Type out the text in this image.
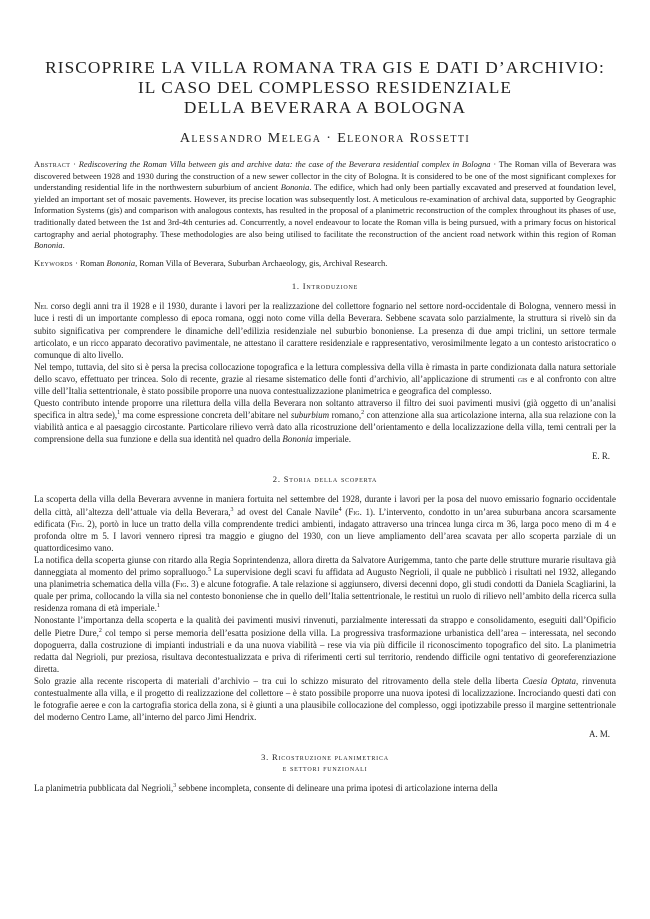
RISCOPRIRE LA VILLA ROMANA TRA GIS E DATI D’ARCHIVIO:
IL CASO DEL COMPLESSO RESIDENZIALE
DELLA BEVERARA A BOLOGNA
Alessandro Melega · Eleonora Rossetti

Abstract · Rediscovering the Roman Villa between gis and archive data: the case of the Beverara residential complex in Bologna · The Roman villa of Beverara was discovered between 1928 and 1930 during the construction of a new sewer collector in the city of Bologna. It is considered to be one of the most significant complexes for understanding residential life in the northwestern suburbium of ancient Bononia. The edifice, which had only been partially excavated and preserved at foundation level, yielded an important set of mosaic pavements. However, its precise location was subsequently lost. A meticulous re-examination of archival data, supported by Geographic Information Systems (gis) and comparison with analogous contexts, has resulted in the proposal of a planimetric reconstruction of the complex throughout its phases of use, traditionally dated between the 1st and 3rd-4th centuries ad. Concurrently, a novel endeavour to locate the Roman villa is being pursued, with a primary focus on historical cartography and aerial photography. These methodologies are also being utilised to facilitate the reconstruction of the ancient road network within this region of Roman Bononia.

Keywords · Roman Bononia, Roman Villa of Beverara, Suburban Archaeology, gis, Archival Research.

1. Introduzione

Nel corso degli anni tra il 1928 e il 1930, durante i lavori per la realizzazione del collettore fognario nel settore nord-occidentale di Bologna, vennero messi in luce i resti di un importante complesso di epoca romana, oggi noto come villa della Beverara. Sebbene scavata solo parzialmente, la struttura si rivelò sin da subito significativa per comprendere le dinamiche dell’edilizia residenziale nel suburbio bononiense. La presenza di due ampi triclini, un settore termale articolato, e un ricco apparato decorativo pavimentale, ne attestano il carattere residenziale e rappresentativo, verosimilmente legato a un contesto aristocratico o comunque di alto livello.

Nel tempo, tuttavia, del sito si è persa la precisa collocazione topografica e la lettura complessiva della villa è rimasta in parte condizionata dalla natura settoriale dello scavo, effettuato per trincea. Solo di recente, grazie al riesame sistematico delle fonti d’archivio, all’applicazione di strumenti gis e al confronto con altre ville dell’Italia settentrionale, è stato possibile proporre una nuova contestualizzazione planimetrica e geografica del complesso.

Questo contributo intende proporre una rilettura della villa della Beverara non soltanto attraverso il filtro dei suoi pavimenti musivi (già oggetto di un’analisi specifica in altra sede),$^1$ ma come espressione concreta dell’abitare nel suburbium romano,$^2$ con attenzione alla sua articolazione interna, alla sua relazione con la viabilità antica e al paesaggio circostante. Particolare rilievo verrà dato alla ricostruzione dell’orientamento e della localizzazione della villa, temi centrali per la comprensione della sua funzione e della sua identità nel quadro della Bononia imperiale.

E. R.
2. Storia della scoperta

La scoperta della villa della Beverara avvenne in maniera fortuita nel settembre del 1928, durante i lavori per la posa del nuovo emissario fognario occidentale della città, all’altezza dell’attuale via della Beverara,$^3$ ad ovest del Canale Navile$^4$ (Fig. 1). L’intervento, condotto in un’area suburbana ancora scarsamente edificata (Fig. 2), portò in luce un tratto della villa comprendente tredici ambienti, indagato attraverso una trincea lunga circa m 36, larga poco meno di m 4 e profonda oltre m 5. I lavori vennero ripresi tra maggio e giugno del 1930, con un lieve ampliamento dell’area scavata per allo scoperta parziale di un quattordicesimo vano.

La notifica della scoperta giunse con ritardo alla Regia Soprintendenza, allora diretta da Salvatore Aurigemma, tanto che parte delle strutture murarie risultava già danneggiata al momento del primo sopralluogo.$^5$ La supervisione degli scavi fu affidata ad Augusto Negrioli, il quale ne pubblicò i risultati nel 1932, allegando una planimetria schematica della villa (Fig. 3) e alcune fotografie. A tale relazione si aggiunsero, diversi decenni dopo, gli studi condotti da Daniela Scagliarini, la quale per prima, collocando la villa sia nel contesto bononiense che in quello dell’Italia settentrionale, le restituì un ruolo di rilievo nell’ambito della ricerca sulla residenza romana di età imperiale.$^1$

Nonostante l’importanza della scoperta e la qualità dei pavimenti musivi rinvenuti, parzialmente interessati da strappo e consolidamento, eseguiti dall’Opificio delle Pietre Dure,$^2$ col tempo si perse memoria dell’esatta posizione della villa. La progressiva trasformazione urbanistica dell’area – interessata, nel secondo dopoguerra, dalla costruzione di impianti industriali e da una nuova viabilità – rese via via più difficile il riconoscimento topografico del sito. La planimetria redatta dal Negrioli, pur preziosa, risultava decontestualizzata e priva di riferimenti certi sul territorio, rendendo difficile ogni tentativo di georeferenziazione diretta.

Solo grazie alla recente riscoperta di materiali d’archivio – tra cui lo schizzo misurato del ritrovamento della stele della liberta Caesia Optata, rinvenuta contestualmente alla villa, e il progetto di realizzazione del collettore – è stato possibile proporre una nuova ipotesi di localizzazione. Incrociando questi dati con le fotografie aeree e con la cartografia storica della zona, si è giunti a una plausibile collocazione del complesso, oggi ipotizzabile presso il margine settentrionale del moderno Centro Lame, all’interno del parco Jimi Hendrix.

A. M.
3. Ricostruzione planimetrica
e settori funzionali

La planimetria pubblicata dal Negrioli,$^3$ sebbene incompleta, consente di delineare una prima ipotesi di articolazione interna della
